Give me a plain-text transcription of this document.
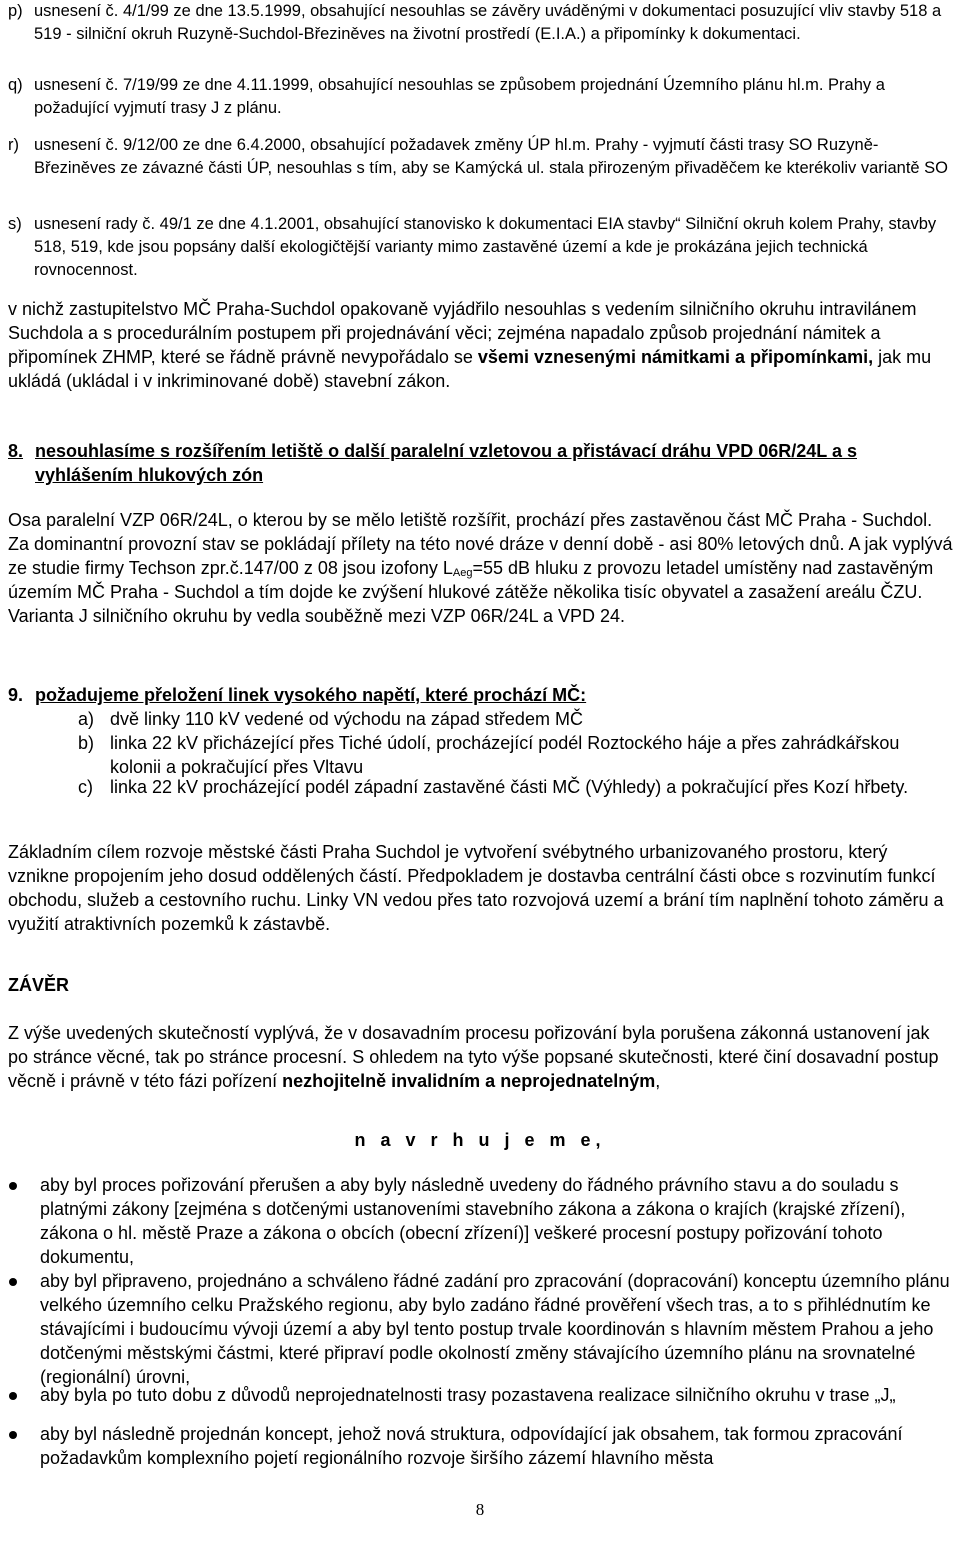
p) usnesení č. 4/1/99 ze dne 13.5.1999, obsahující nesouhlas se závěry uváděnými v dokumentaci posuzující vliv stavby 518 a 519 - silniční okruh Ruzyně-Suchdol-Březiněves na životní prostředí (E.I.A.) a připomínky k dokumentaci.
q) usnesení č. 7/19/99 ze dne 4.11.1999, obsahující nesouhlas se způsobem projednání Územního plánu hl.m. Prahy a požadující vyjmutí trasy J z plánu.
r) usnesení č. 9/12/00 ze dne 6.4.2000, obsahující požadavek změny ÚP hl.m. Prahy - vyjmutí části trasy SO Ruzyně-Březiněves ze závazné části ÚP, nesouhlas s tím, aby se Kamýcká ul. stala přirozeným přivaděčem ke kterékoliv variantě SO
s) usnesení rady č. 49/1 ze dne 4.1.2001, obsahující stanovisko k dokumentaci EIA stavby“ Silniční okruh kolem Prahy, stavby 518, 519, kde jsou popsány další ekologičtější varianty mimo zastavěné území a kde je prokázána jejich technická rovnocennost.
v nichž zastupitelstvo MČ Praha-Suchdol opakovaně vyjádřilo nesouhlas s vedením silničního okruhu intravilánem Suchdola a s procedurálním postupem při projednávání věci; zejména napadalo způsob projednání námitek a připomínek ZHMP, které se řádně právně nevypořádalo se všemi vznesenými námitkami a připomínkami, jak mu ukládá (ukládal i v inkriminované době) stavební zákon.
8. nesouhlasíme s rozšířením letiště o další paralelní vzletovou a přistávací dráhu VPD 06R/24L a s vyhlášením hlukových zón
Osa paralelní VZP 06R/24L, o kterou by se mělo letiště rozšířit, prochází přes zastavěnou část MČ Praha - Suchdol. Za dominantní provozní stav se pokládají přílety na této nové dráze v denní době - asi 80% letových dnů. A jak vyplývá ze studie firmy Techson zpr.č.147/00 z 08 jsou izofony $L_{Aeg}=55$ dB hluku z provozu letadel umístěny nad zastavěným územím MČ Praha - Suchdol a tím dojde ke zvýšení hlukové zátěže několika tisíc obyvatel a zasažení areálu ČZU. Varianta J silničního okruhu by vedla souběžně mezi VZP 06R/24L a VPD 24.
9. požadujeme přeložení linek vysokého napětí, které prochází MČ:
a) dvě linky 110 kV vedené od východu na západ středem MČ
b) linka 22 kV přicházející přes Tiché údolí, procházející podél Roztockého háje a přes zahrádkářskou kolonii a pokračující přes Vltavu
c) linka 22 kV procházející podél západní zastavěné části MČ (Výhledy) a pokračující přes Kozí hřbety.
Základním cílem rozvoje městské části Praha Suchdol je vytvoření svébytného urbanizovaného prostoru, který vznikne propojením jeho dosud oddělených částí. Předpokladem je dostavba centrální části obce s rozvinutím funkcí obchodu, služeb a cestovního ruchu. Linky VN vedou přes tato rozvojová uzemí a brání tím naplnění tohoto záměru a využití atraktivních pozemků k zástavbě.
ZÁVĚR
Z výše uvedených skutečností vyplývá, že v dosavadním procesu pořizování byla porušena zákonná ustanovení jak po stránce věcné, tak po stránce procesní. S ohledem na tyto výše popsané skutečnosti, které činí dosavadní postup věcně i právně v této fázi pořízení nezhojitelně invalidním a neprojednatelným,
n a v r h u j e m e,
aby byl proces pořizování přerušen a aby byly následně uvedeny do řádného právního stavu a do souladu s platnými zákony [zejména s dotčenými ustanoveními stavebního zákona a zákona o krajích (krajské zřízení), zákona o hl. městě Praze a zákona o obcích (obecní zřízení)] veškeré procesní postupy pořizování tohoto dokumentu,
aby byl připraveno, projednáno a schváleno řádné zadání pro zpracování (dopracování) konceptu územního plánu velkého územního celku Pražského regionu, aby bylo zadáno řádné prověření všech tras, a to s přihlédnutím ke stávajícími i budoucímu vývoji území a aby byl tento postup trvale koordinován s hlavním městem Prahou a jeho dotčenými městskými částmi, které připraví podle okolností změny stávajícího územního plánu na srovnatelné (regionální) úrovni,
aby byla po tuto dobu z důvodů neprojednatelnosti trasy pozastavena realizace silničního okruhu v trase „J„
aby byl následně projednán koncept, jehož nová struktura, odpovídající jak obsahem, tak formou zpracování požadavkům komplexního pojetí regionálního rozvoje širšího zázemí hlavního města
8
